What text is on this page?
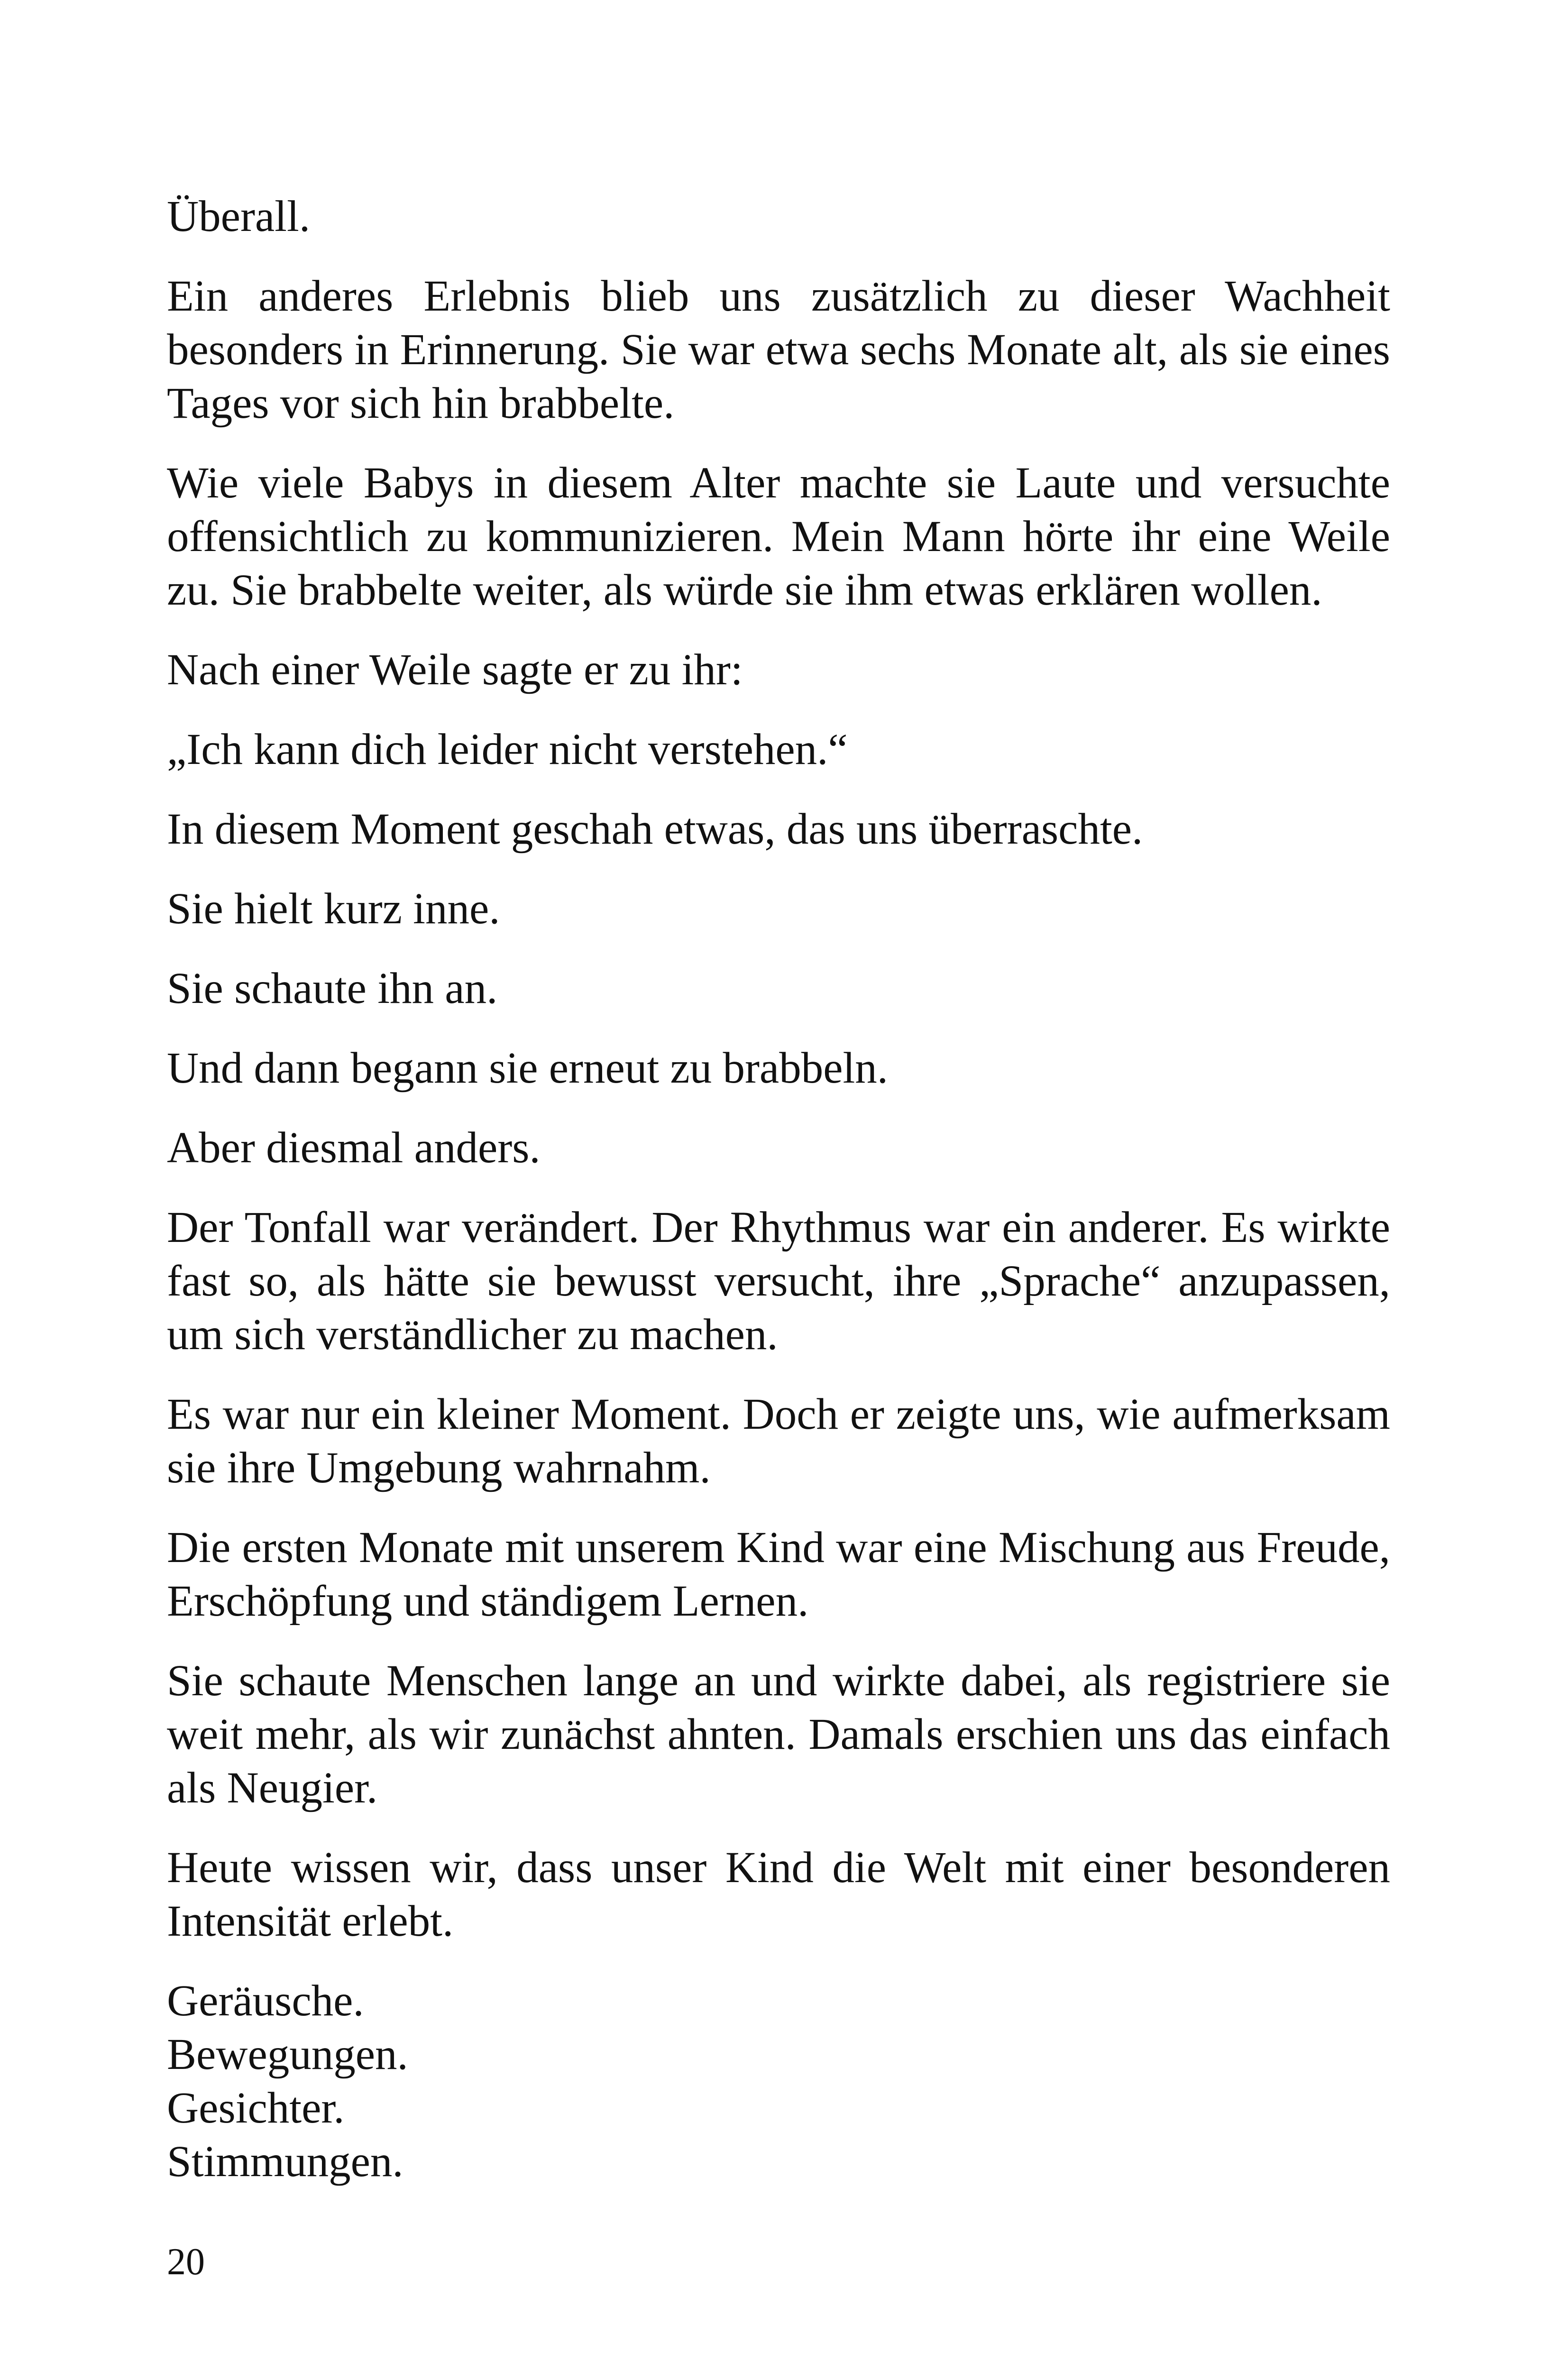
Überall.

Ein anderes Erlebnis blieb uns zusätzlich zu dieser Wachheit besonders in Erinnerung. Sie war etwa sechs Monate alt, als sie eines Tages vor sich hin brabbelte.

Wie viele Babys in diesem Alter machte sie Laute und versuchte offensichtlich zu kommunizieren. Mein Mann hörte ihr eine Weile zu. Sie brabbelte weiter, als würde sie ihm etwas erklären wollen.

Nach einer Weile sagte er zu ihr:

„Ich kann dich leider nicht verstehen.“

In diesem Moment geschah etwas, das uns überraschte.

Sie hielt kurz inne.

Sie schaute ihn an.

Und dann begann sie erneut zu brabbeln.

Aber diesmal anders.

Der Tonfall war verändert. Der Rhythmus war ein anderer. Es wirkte fast so, als hätte sie bewusst versucht, ihre „Sprache“ anzupassen, um sich verständlicher zu machen.

Es war nur ein kleiner Moment. Doch er zeigte uns, wie aufmerksam sie ihre Umgebung wahrnahm.

Die ersten Monate mit unserem Kind war eine Mischung aus Freude, Erschöpfung und ständigem Lernen.

Sie schaute Menschen lange an und wirkte dabei, als registriere sie weit mehr, als wir zunächst ahnten. Damals erschien uns das einfach als Neugier.

Heute wissen wir, dass unser Kind die Welt mit einer besonderen Intensität erlebt.

Geräusche.
Bewegungen.
Gesichter.
Stimmungen.

20
